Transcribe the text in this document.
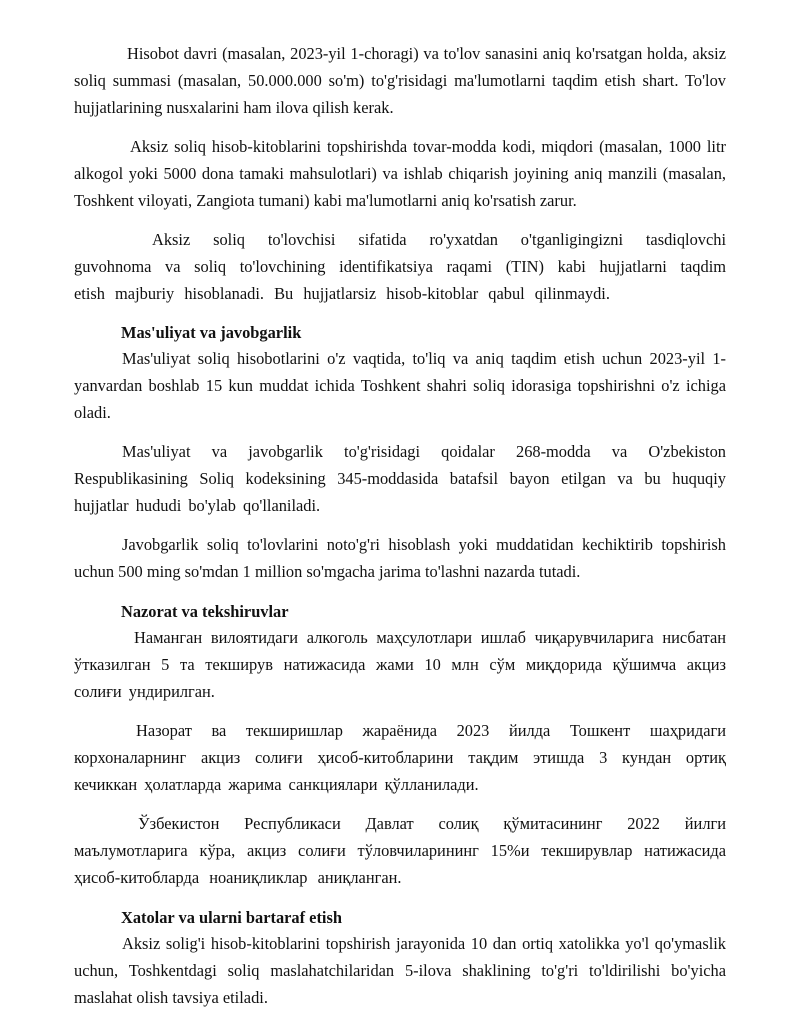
Hisobot davri (masalan, 2023-yil 1-choragi) va to'lov sanasini aniq ko'rsatgan holda, aksiz soliq summasi (masalan, 50.000.000 so'm) to'g'risidagi ma'lumotlarni taqdim etish shart. To'lov hujjatlarining nusxalarini ham ilova qilish kerak.

Aksiz soliq hisob-kitoblarini topshirishda tovar-modda kodi, miqdori (masalan, 1000 litr alkogol yoki 5000 dona tamaki mahsulotlari) va ishlab chiqarish joyining aniq manzili (masalan, Toshkent viloyati, Zangiota tumani) kabi ma'lumotlarni aniq ko'rsatish zarur.

Aksiz soliq to'lovchisi sifatida ro'yxatdan o'tganligingizni tasdiqlovchi guvohnoma va soliq to'lovchining identifikatsiya raqami (TIN) kabi hujjatlarni taqdim etish majburiy hisoblanadi. Bu hujjatlarsiz hisob-kitoblar qabul qilinmaydi.

Mas'uliyat va javobgarlik

Mas'uliyat soliq hisobotlarini o'z vaqtida, to'liq va aniq taqdim etish uchun 2023-yil 1-yanvardan boshlab 15 kun muddat ichida Toshkent shahri soliq idorasiga topshirishni o'z ichiga oladi.

Mas'uliyat va javobgarlik to'g'risidagi qoidalar 268-modda va O'zbekiston Respublikasining Soliq kodeksining 345-moddasida batafsil bayon etilgan va bu huquqiy hujjatlar hududi bo'ylab qo'llaniladi.

Javobgarlik soliq to'lovlarini noto'g'ri hisoblash yoki muddatidan kechiktirib topshirish uchun 500 ming so'mdan 1 million so'mgacha jarima to'lashni nazarda tutadi.

Nazorat va tekshiruvlar

Наманган вилоятидаги алкоголь маҳсулотлари ишлаб чиқарувчиларига нисбатан ўтказилган 5 та текширув натижасида жами 10 млн сўм миқдорида қўшимча акциз солиғи ундирилган.

Назорат ва текширишлар жараёнида 2023 йилда Тошкент шаҳридаги корхоналарнинг акциз солиғи ҳисоб-китобларини тақдим этишда 3 кундан ортиқ кечиккан ҳолатларда жарима санкциялари қўлланилади.

Ўзбекистон Республикаси Давлат солиқ қўмитасининг 2022 йилги маълумотларига кўра, акциз солиғи тўловчиларининг 15%и текширувлар натижасида ҳисоб-китобларда ноаниқликлар аниқланган.

Xatolar va ularni bartaraf etish

Aksiz solig'i hisob-kitoblarini topshirish jarayonida 10 dan ortiq xatolikka yo'l qo'ymaslik uchun, Toshkentdagi soliq maslahatchilaridan 5-ilova shaklining to'g'ri to'ldirilishi bo'yicha maslahat olish tavsiya etiladi.
